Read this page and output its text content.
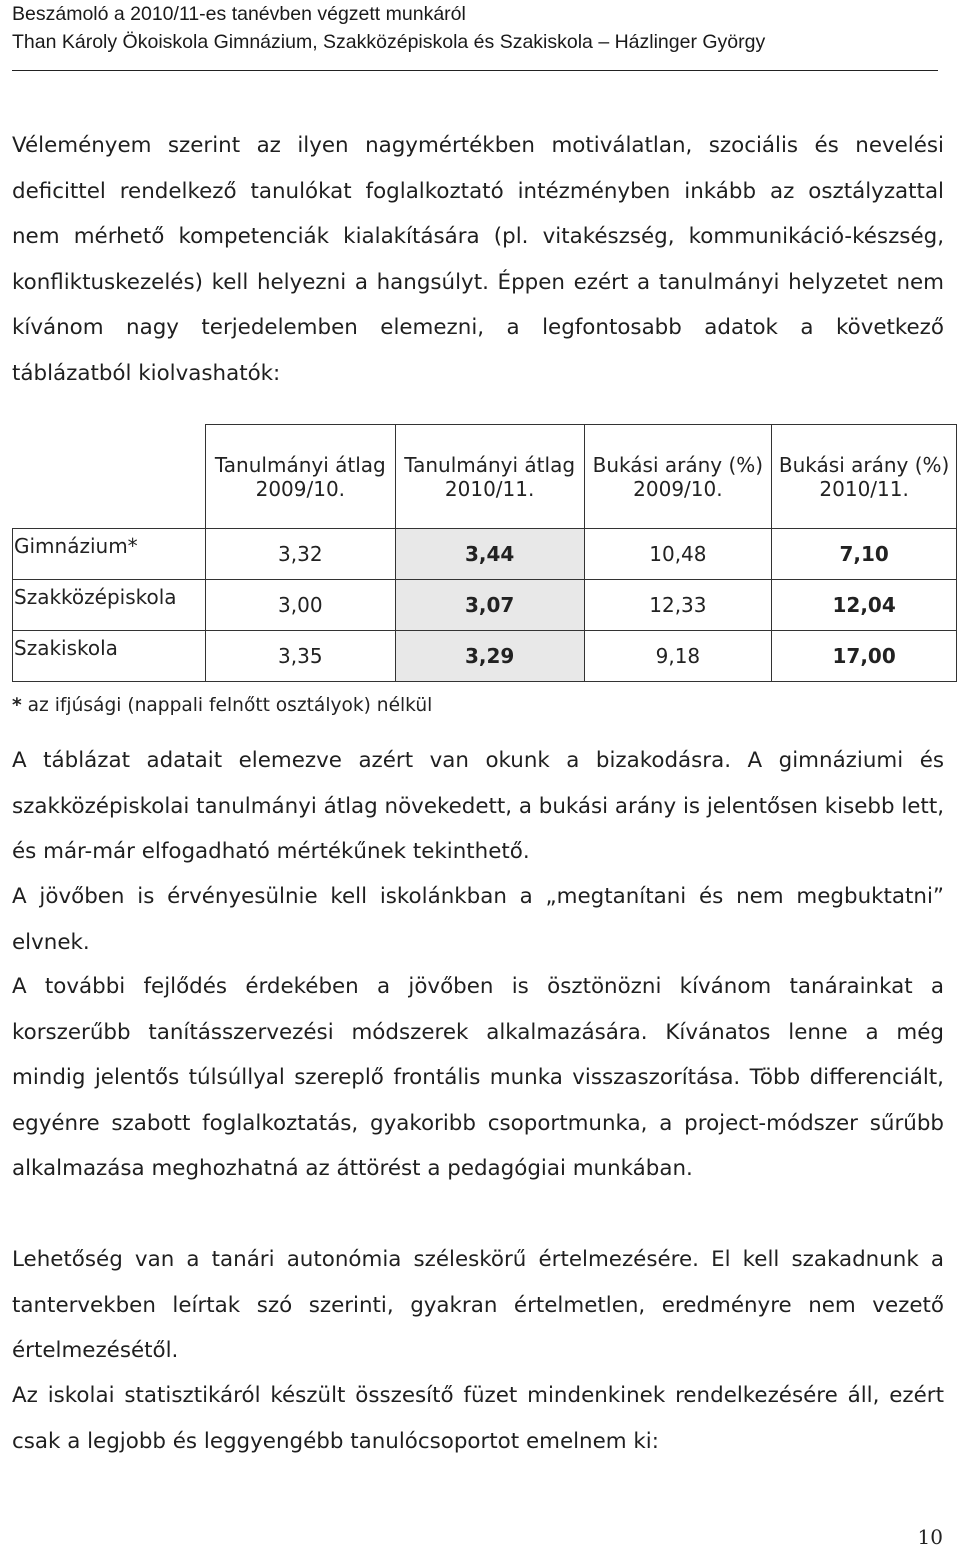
Beszámoló a 2010/11-es tanévben végzett munkáról
Than Károly Ökoiskola Gimnázium, Szakközépiskola és Szakiskola – Házlinger György
Véleményem szerint az ilyen nagymértékben motiválatlan, szociális és nevelési deficittel rendelkező tanulókat foglalkoztató intézményben inkább az osztályzattal nem mérhető kompetenciák kialakítására (pl. vitakészség, kommunikáció-készség, konfliktuskezelés) kell helyezni a hangsúlyt. Éppen ezért a tanulmányi helyzetet nem kívánom nagy terjedelemben elemezni, a legfontosabb adatok a következő táblázatból kiolvashatók:
	Tanulmányi átlag 2009/10.	Tanulmányi átlag 2010/11.	Bukási arány (%) 2009/10.	Bukási arány (%) 2010/11.
Gimnázium*	3,32	3,44	10,48	7,10
Szakközépiskola	3,00	3,07	12,33	12,04
Szakiskola	3,35	3,29	9,18	17,00
* az ifjúsági (nappali felnőtt osztályok) nélkül
A táblázat adatait elemezve azért van okunk a bizakodásra. A gimnáziumi és szakközépiskolai tanulmányi átlag növekedett, a bukási arány is jelentősen kisebb lett, és már-már elfogadható mértékűnek tekinthető.
A jövőben is érvényesülnie kell iskolánkban a „megtanítani és nem megbuktatni” elvnek.
A további fejlődés érdekében a jövőben is ösztönözni kívánom tanárainkat a korszerűbb tanításszervezési módszerek alkalmazására. Kívánatos lenne a még mindig jelentős túlsúllyal szereplő frontális munka visszaszorítása. Több differenciált, egyénre szabott foglalkoztatás, gyakoribb csoportmunka, a project-módszer sűrűbb alkalmazása meghozhatná az áttörést a pedagógiai munkában.
Lehetőség van a tanári autonómia széleskörű értelmezésére. El kell szakadnunk a tantervekben leírtak szó szerinti, gyakran értelmetlen, eredményre nem vezető értelmezésétől.
Az iskolai statisztikáról készült összesítő füzet mindenkinek rendelkezésére áll, ezért csak a legjobb és leggyengébb tanulócsoportot emelnem ki:
10
